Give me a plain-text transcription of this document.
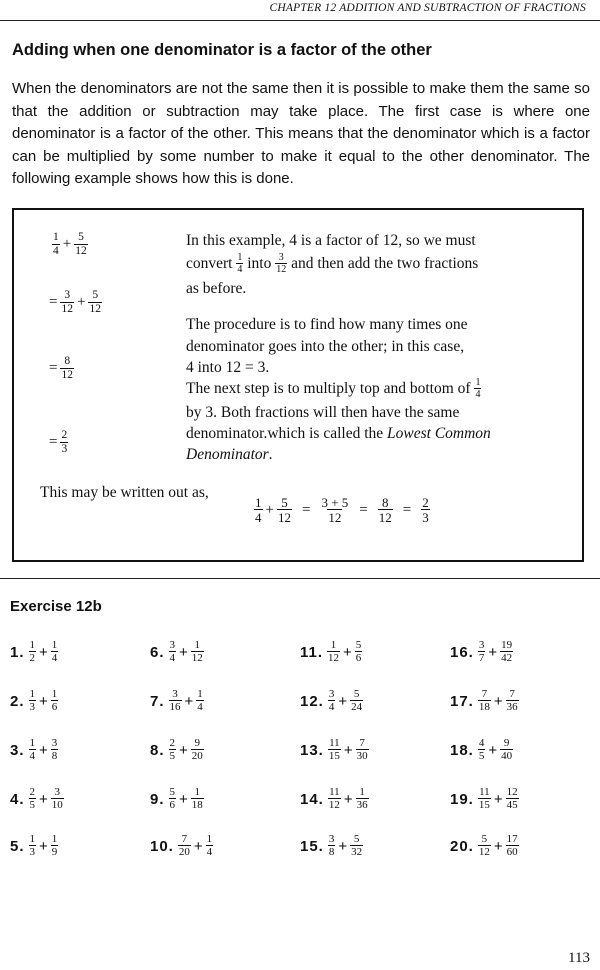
CHAPTER 12 ADDITION AND SUBTRACTION OF FRACTIONS
Adding when one denominator is a factor of the other
When the denominators are not the same then it is possible to make them the same so that the addition or subtraction may take place. The first case is where one denominator is a factor of the other. This means that the denominator which is a factor can be multiplied by some number to make it equal to the other denominator. The following example shows how this is done.
$\frac{1}{4} + \frac{5}{12}$
= $\frac{3}{12} + \frac{5}{12}$
= $\frac{8}{12}$
= $\frac{2}{3}$
In this example, 4 is a factor of 12, so we must
convert $\frac{1}{4}$ into $\frac{3}{12}$ and then add the two fractions
as before.
The procedure is to find how many times one
denominator goes into the other; in this case,
4 into 12 = 3.
The next step is to multiply top and bottom of $\frac{1}{4}$
by 3. Both fractions will then have the same
denominator.which is called the Lowest Common
Denominator.
This may be written out as,
$\frac{1}{4} + \frac{5}{12} = \frac{3 + 5}{12} = \frac{8}{12} = \frac{2}{3}$
Exercise 12b
1. $\frac{1}{2} + \frac{1}{4}$
2. $\frac{1}{3} + \frac{1}{6}$
3. $\frac{1}{4} + \frac{3}{8}$
4. $\frac{2}{5} + \frac{3}{10}$
5. $\frac{1}{3} + \frac{1}{9}$
6. $\frac{3}{4} + \frac{1}{12}$
7. $\frac{3}{16} + \frac{1}{4}$
8. $\frac{2}{5} + \frac{9}{20}$
9. $\frac{5}{6} + \frac{1}{18}$
10. $\frac{7}{20} + \frac{1}{4}$
11. $\frac{1}{12} + \frac{5}{6}$
12. $\frac{3}{4} + \frac{5}{24}$
13. $\frac{11}{15} + \frac{7}{30}$
14. $\frac{11}{12} + \frac{1}{36}$
15. $\frac{3}{8} + \frac{5}{32}$
16. $\frac{3}{7} + \frac{19}{42}$
17. $\frac{7}{18} + \frac{7}{36}$
18. $\frac{4}{5} + \frac{9}{40}$
19. $\frac{11}{15} + \frac{12}{45}$
20. $\frac{5}{12} + \frac{17}{60}$
113
